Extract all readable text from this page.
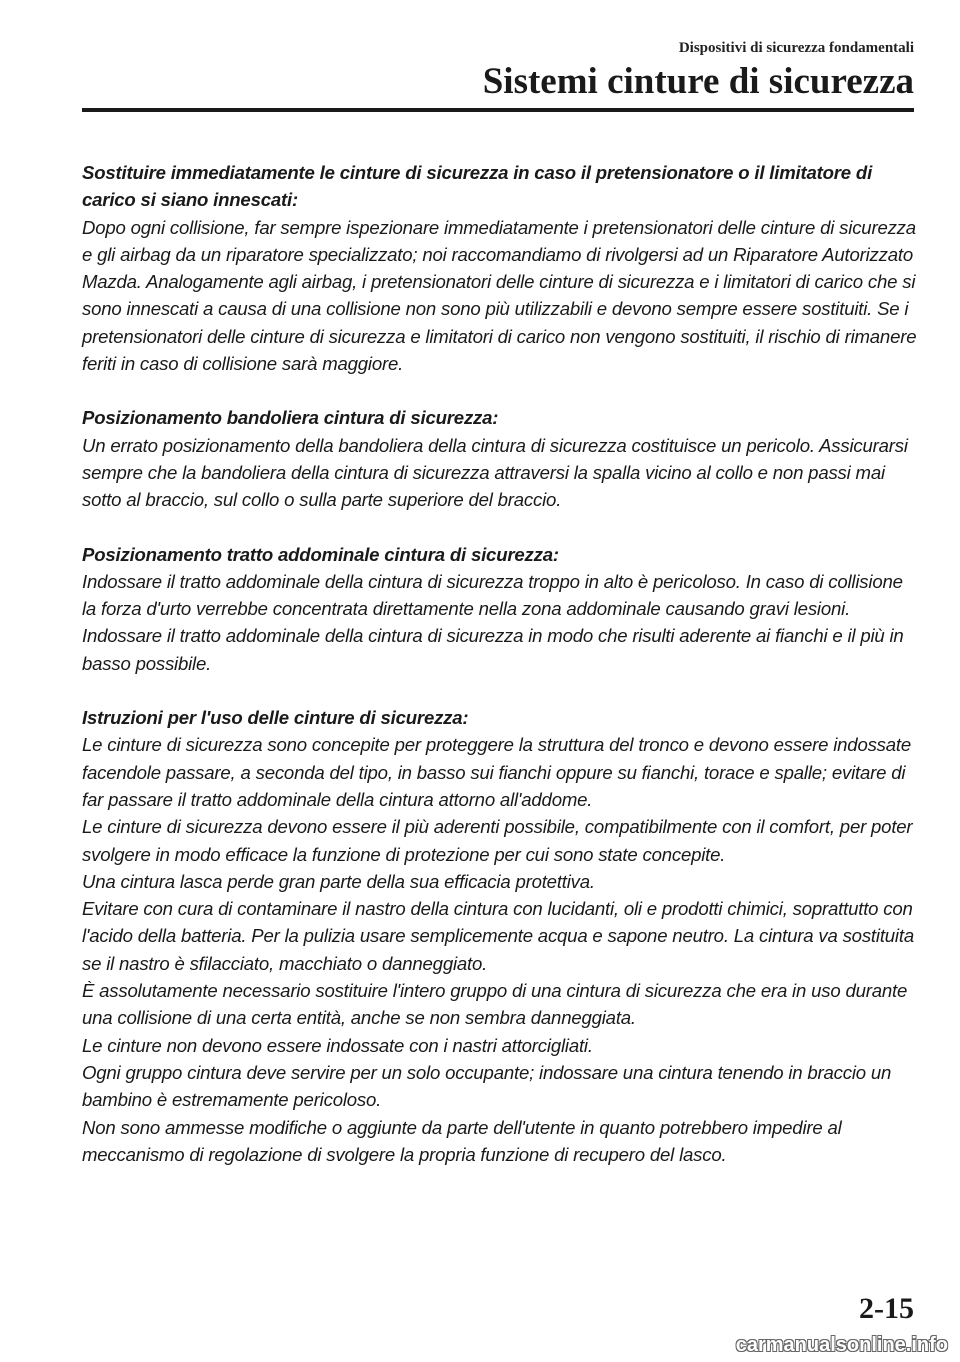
Dispositivi di sicurezza fondamentali
Sistemi cinture di sicurezza

Sostituire immediatamente le cinture di sicurezza in caso il pretensionatore o il limitatore di carico si siano innescati:

Dopo ogni collisione, far sempre ispezionare immediatamente i pretensionatori delle cinture di sicurezza e gli airbag da un riparatore specializzato; noi raccomandiamo di rivolgersi ad un Riparatore Autorizzato Mazda. Analogamente agli airbag, i pretensionatori delle cinture di sicurezza e i limitatori di carico che si sono innescati a causa di una collisione non sono più utilizzabili e devono sempre essere sostituiti. Se i pretensionatori delle cinture di sicurezza e limitatori di carico non vengono sostituiti, il rischio di rimanere feriti in caso di collisione sarà maggiore.

Posizionamento bandoliera cintura di sicurezza:

Un errato posizionamento della bandoliera della cintura di sicurezza costituisce un pericolo. Assicurarsi sempre che la bandoliera della cintura di sicurezza attraversi la spalla vicino al collo e non passi mai sotto al braccio, sul collo o sulla parte superiore del braccio.

Posizionamento tratto addominale cintura di sicurezza:

Indossare il tratto addominale della cintura di sicurezza troppo in alto è pericoloso. In caso di collisione la forza d'urto verrebbe concentrata direttamente nella zona addominale causando gravi lesioni. Indossare il tratto addominale della cintura di sicurezza in modo che risulti aderente ai fianchi e il più in basso possibile.

Istruzioni per l'uso delle cinture di sicurezza:

Le cinture di sicurezza sono concepite per proteggere la struttura del tronco e devono essere indossate facendole passare, a seconda del tipo, in basso sui fianchi oppure su fianchi, torace e spalle; evitare di far passare il tratto addominale della cintura attorno all'addome.

Le cinture di sicurezza devono essere il più aderenti possibile, compatibilmente con il comfort, per poter svolgere in modo efficace la funzione di protezione per cui sono state concepite.

Una cintura lasca perde gran parte della sua efficacia protettiva.

Evitare con cura di contaminare il nastro della cintura con lucidanti, oli e prodotti chimici, soprattutto con l'acido della batteria. Per la pulizia usare semplicemente acqua e sapone neutro. La cintura va sostituita se il nastro è sfilacciato, macchiato o danneggiato.

È assolutamente necessario sostituire l'intero gruppo di una cintura di sicurezza che era in uso durante una collisione di una certa entità, anche se non sembra danneggiata.

Le cinture non devono essere indossate con i nastri attorcigliati.

Ogni gruppo cintura deve servire per un solo occupante; indossare una cintura tenendo in braccio un bambino è estremamente pericoloso.

Non sono ammesse modifiche o aggiunte da parte dell'utente in quanto potrebbero impedire al meccanismo di regolazione di svolgere la propria funzione di recupero del lasco.

2-15
carmanualsonline.info
